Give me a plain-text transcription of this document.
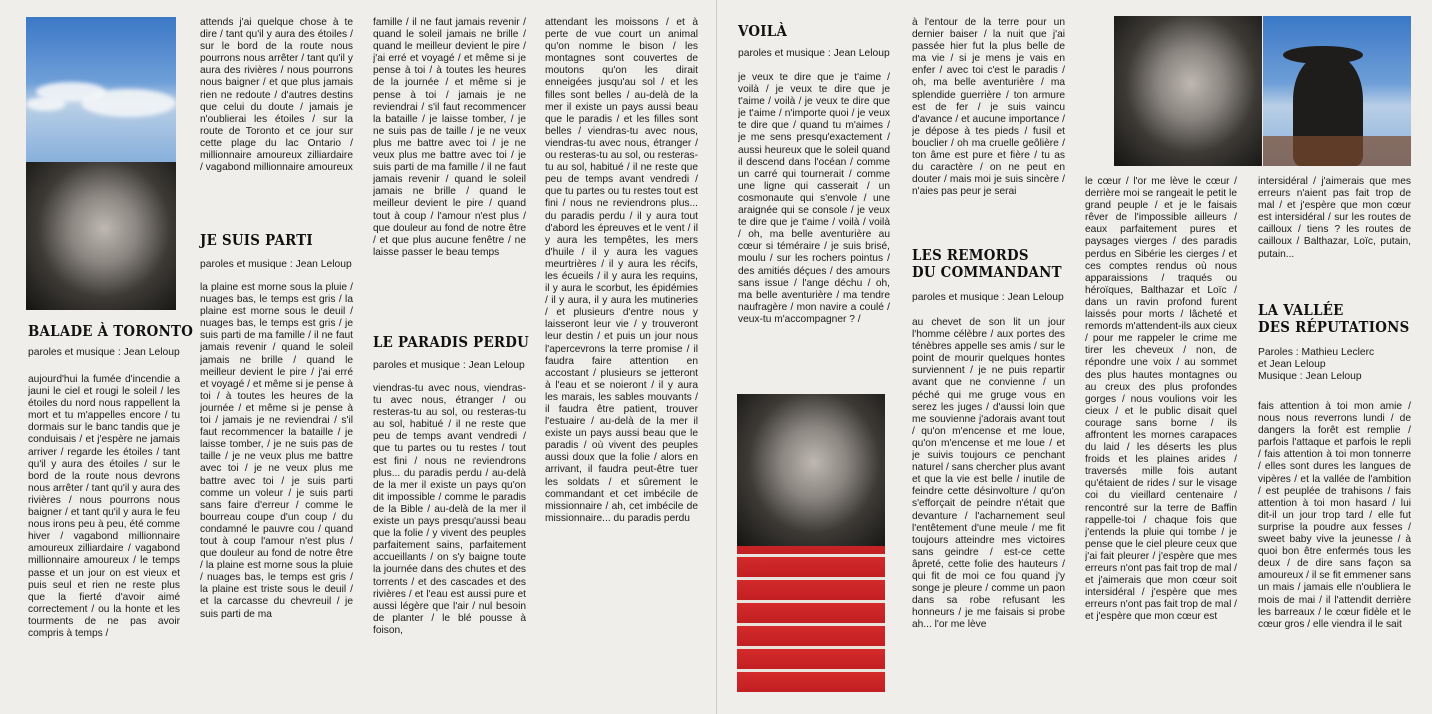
BALADE À TORONTO
paroles et musique : Jean Leloup

aujourd'hui la fumée d'incendie a jauni le ciel et rougi le soleil / les étoiles du nord nous rappellent la mort et tu m'appelles encore / tu dormais sur le banc tandis que je conduisais / et j'espère ne jamais arriver / regarde les étoiles / tant qu'il y aura des étoiles / sur le bord de la route nous devrons nous arrêter / tant qu'il y aura des rivières / nous pourrons nous baigner / et tant qu'il y aura le feu nous irons peu à peu, été comme hiver / vagabond millionnaire amoureux zilliardaire / vagabond millionnaire amoureux / le temps passe et un jour on est vieux et puis seul et rien ne reste plus que la fierté d'avoir aimé correctement / ou la honte et les tourments de ne pas avoir compris à temps /

attends j'ai quelque chose à te dire / tant qu'il y aura des étoiles / sur le bord de la route nous pourrons nous arrêter / tant qu'il y aura des rivières / nous pourrons nous baigner / et que plus jamais rien ne redoute / d'autres destins que celui du doute / jamais je n'oublierai les étoiles / sur la route de Toronto et ce jour sur cette plage du lac Ontario / millionnaire amoureux zilliardaire / vagabond millionnaire amoureux

JE SUIS PARTI
paroles et musique : Jean Leloup

la plaine est morne sous la pluie / nuages bas, le temps est gris / la plaine est morne sous le deuil / nuages bas, le temps est gris / je suis parti de ma famille / il ne faut jamais revenir / quand le soleil jamais ne brille / quand le meilleur devient le pire / j'ai erré et voyagé / et même si je pense à toi / à toutes les heures de la journée / et même si je pense à toi / jamais je ne reviendrai / s'il faut recommencer la bataille / je laisse tomber, / je ne suis pas de taille / je ne veux plus me battre avec toi / je ne veux plus me battre avec toi / je suis parti comme un voleur / je suis parti sans faire d'erreur / comme le bourreau coupe d'un coup / du condamné le pauvre cou / quand tout à coup l'amour n'est plus / que douleur au fond de notre être / la plaine est morne sous la pluie / nuages bas, le temps est gris / la plaine est triste sous le deuil / et la carcasse du chevreuil / je suis parti de ma

famille / il ne faut jamais revenir / quand le soleil jamais ne brille / quand le meilleur devient le pire / j'ai erré et voyagé / et même si je pense à toi / à toutes les heures de la journée / et même si je pense à toi / jamais je ne reviendrai / s'il faut recommencer la bataille / je laisse tomber, / je ne suis pas de taille / je ne veux plus me battre avec toi / je ne veux plus me battre avec toi / je suis parti de ma famille / il ne faut jamais revenir / quand le soleil jamais ne brille / quand le meilleur devient le pire / quand tout à coup / l'amour n'est plus / que douleur au fond de notre être / et que plus aucune fenêtre / ne laisse passer le beau temps

LE PARADIS PERDU
paroles et musique : Jean Leloup

viendras-tu avec nous, viendras-tu avec nous, étranger / ou resteras-tu au sol, ou resteras-tu au sol, habitué / il ne reste que peu de temps avant vendredi / que tu partes ou tu restes / tout est fini / nous ne reviendrons plus... du paradis perdu / au-delà de la mer il existe un pays qu'on dit impossible / comme le paradis de la Bible / au-delà de la mer il existe un pays presqu'aussi beau que la folie / y vivent des peuples parfaitement sains, parfaitement accueillants / on s'y baigne toute la journée dans des chutes et des torrents / et des cascades et des rivières / et l'eau est aussi pure et aussi légère que l'air / nul besoin de planter / le blé pousse à foison,

attendant les moissons / et à perte de vue court un animal qu'on nomme le bison / les montagnes sont couvertes de moutons qu'on les dirait enneigées jusqu'au sol / et les filles sont belles / au-delà de la mer il existe un pays aussi beau que le paradis / et les filles sont belles / viendras-tu avec nous, viendras-tu avec nous, étranger / ou resteras-tu au sol, ou resteras-tu au sol, habitué / il ne reste que peu de temps avant vendredi / que tu partes ou tu restes tout est fini / nous ne reviendrons plus... du paradis perdu / il y aura tout d'abord les épreuves et le vent / il y aura les tempêtes, les mers d'huile / il y aura les vagues meurtrières / il y aura les récifs, les écueils / il y aura les requins, il y aura le scorbut, les épidémies / il y aura, il y aura les mutineries / et plusieurs d'entre nous y laisseront leur vie / y trouveront leur destin / et puis un jour nous l'apercevrons la terre promise / il faudra faire attention en accostant / plusieurs se jetteront à l'eau et se noieront / il y aura les marais, les sables mouvants / il faudra être patient, trouver l'estuaire / au-delà de la mer il existe un pays aussi beau que le paradis / où vivent des peuples aussi doux que la folie / alors en arrivant, il faudra peut-être tuer les soldats / et sûrement le commandant et cet imbécile de missionnaire / ah, cet imbécile de missionnaire... du paradis perdu

VOILÀ
paroles et musique : Jean Leloup

je veux te dire que je t'aime / voilà / je veux te dire que je t'aime / voilà / je veux te dire que je t'aime / n'importe quoi / je veux te dire que / quand tu m'aimes / je me sens presqu'exactement / aussi heureux que le soleil quand il descend dans l'océan / comme un carré qui tournerait / comme une ligne qui casserait / un cosmonaute qui s'envole / une araignée qui se console / je veux te dire que je t'aime / voilà / voilà / oh, ma belle aventurière au cœur si téméraire / je suis brisé, moulu / sur les rochers pointus / des amitiés déçues / des amours sans issue / l'ange déchu / oh, ma belle aventurière / ma tendre naufragère / mon navire a coulé / veux-tu m'accompagner ? /

à l'entour de la terre pour un dernier baiser / la nuit que j'ai passée hier fut la plus belle de ma vie / si je mens je vais en enfer / avec toi c'est le paradis / oh, ma belle aventurière / ma splendide guerrière / ton armure est de fer / je suis vaincu d'avance / et aucune importance / je dépose à tes pieds / fusil et bouclier / oh ma cruelle geôlière / ton âme est pure et fière / tu as du caractère / on ne peut en douter / mais moi je suis sincère / n'aies pas peur je serai

LES REMORDS
DU COMMANDANT
paroles et musique : Jean Leloup

au chevet de son lit un jour l'homme célèbre / aux portes des ténèbres appelle ses amis / sur le point de mourir quelques hontes surviennent / je ne puis repartir avant que ne convienne / un péché qui me gruge vous en serez les juges / d'aussi loin que me souvienne j'adorais avant tout / qu'on m'encense et me loue, qu'on m'encense et me loue / et je suivis toujours ce penchant naturel / sans chercher plus avant et que la vie est belle / inutile de feindre cette désinvolture / qu'on s'efforçait de peindre n'était que devanture / l'acharnement seul l'entêtement d'une meule / me fit toujours atteindre mes victoires sans geindre / est-ce cette âpreté, cette folie des hauteurs / qui fit de moi ce fou quand j'y songe je pleure / comme un paon dans sa robe refusant les honneurs / je me faisais si probe ah... l'or me lève

le cœur / l'or me lève le cœur / derrière moi se rangeait le petit le grand peuple / et je le faisais rêver de l'impossible ailleurs / eaux parfaitement pures et paysages vierges / des paradis perdus en Sibérie les cierges / et ces comptes rendus où nous apparaissions / traqués ou héroïques, Balthazar et Loïc / dans un ravin profond furent laissés pour morts / lâcheté et remords m'attendent-ils aux cieux / pour me rappeler le crime me tirer les cheveux / non, de répondre une voix / au sommet des plus hautes montagnes ou au creux des plus profondes gorges / nous voulions voir les cieux / et le public disait quel courage sans borne / ils affrontent les mornes carapaces du laid / les déserts les plus froids et les plaines arides / traversés mille fois autant qu'étaient de rides / sur le visage coi du vieillard centenaire / rencontré sur la terre de Baffin rappelle-toi / chaque fois que j'entends la pluie qui tombe / je pense que le ciel pleure ceux que j'ai fait pleurer / j'espère que mes erreurs n'ont pas fait trop de mal / et j'aimerais que mon cœur soit intersidéral / j'espère que mes erreurs n'ont pas fait trop de mal / et j'espère que mon cœur est

intersidéral / j'aimerais que mes erreurs n'aient pas fait trop de mal / et j'espère que mon cœur est intersidéral / sur les routes de cailloux / tiens ? les routes de cailloux / Balthazar, Loïc, putain, putain...

LA VALLÉE
DES RÉPUTATIONS
Paroles : Mathieu Leclerc
et Jean Leloup
Musique : Jean Leloup

fais attention à toi mon amie / nous nous reverrons lundi / de dangers la forêt est remplie / parfois l'attaque et parfois le repli / fais attention à toi mon tonnerre / elles sont dures les langues de vipères / et la vallée de l'ambition / est peuplée de trahisons / fais attention à toi mon hasard / lui dit-il un jour trop tard / elle fut surprise la poudre aux fesses / sweet baby vive la jeunesse / à quoi bon être enfermés tous les deux / de dire sans façon sa amoureux / il se fit emmener sans un mais / jamais elle n'oubliera le mois de mai / il l'attendit derrière les barreaux / le cœur fidèle et le cœur gros / elle viendra il le sait
